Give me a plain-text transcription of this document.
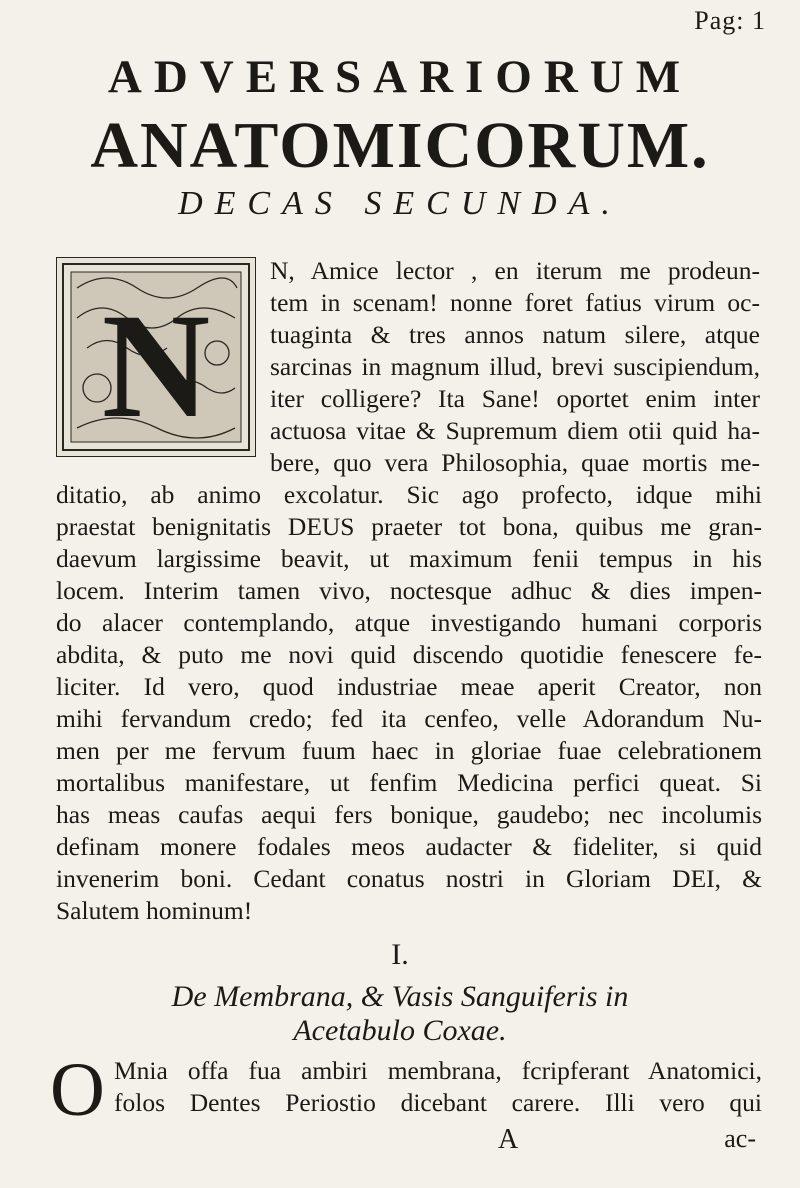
Pag: 1
ADVERSARIORUM
ANATOMICORUM.
DECAS SECUNDA.
N
N, Amice lector , en iterum me prodeun-
tem in scenam! nonne foret fatius virum oc-
tuaginta & tres annos natum silere, atque
sarcinas in magnum illud, brevi suscipiendum,
iter colligere? Ita Sane! oportet enim inter
actuosa vitae & Supremum diem otii quid ha-
bere, quo vera Philosophia, quae mortis me-
ditatio, ab animo excolatur. Sic ago profecto, idque mihi
praestat benignitatis DEUS praeter tot bona, quibus me gran-
daevum largissime beavit, ut maximum fenii tempus in his
locem. Interim tamen vivo, noctesque adhuc & dies impen-
do alacer contemplando, atque investigando humani corporis
abdita, & puto me novi quid discendo quotidie fenescere fe-
liciter. Id vero, quod industriae meae aperit Creator, non
mihi fervandum credo; fed ita cenfeo, velle Adorandum Nu-
men per me fervum fuum haec in gloriae fuae celebrationem
mortalibus manifestare, ut fenfim Medicina perfici queat. Si
has meas caufas aequi fers bonique, gaudebo; nec incolumis
definam monere fodales meos audacter & fideliter, si quid
invenerim boni. Cedant conatus nostri in Gloriam DEI, &
Salutem hominum!
I.
De Membrana, & Vasis Sanguiferis in
Acetabulo Coxae.
O Mnia offa fua ambiri membrana, fcripferant Anatomici,
folos Dentes Periostio dicebant carere. Illi vero qui
A	ac-
